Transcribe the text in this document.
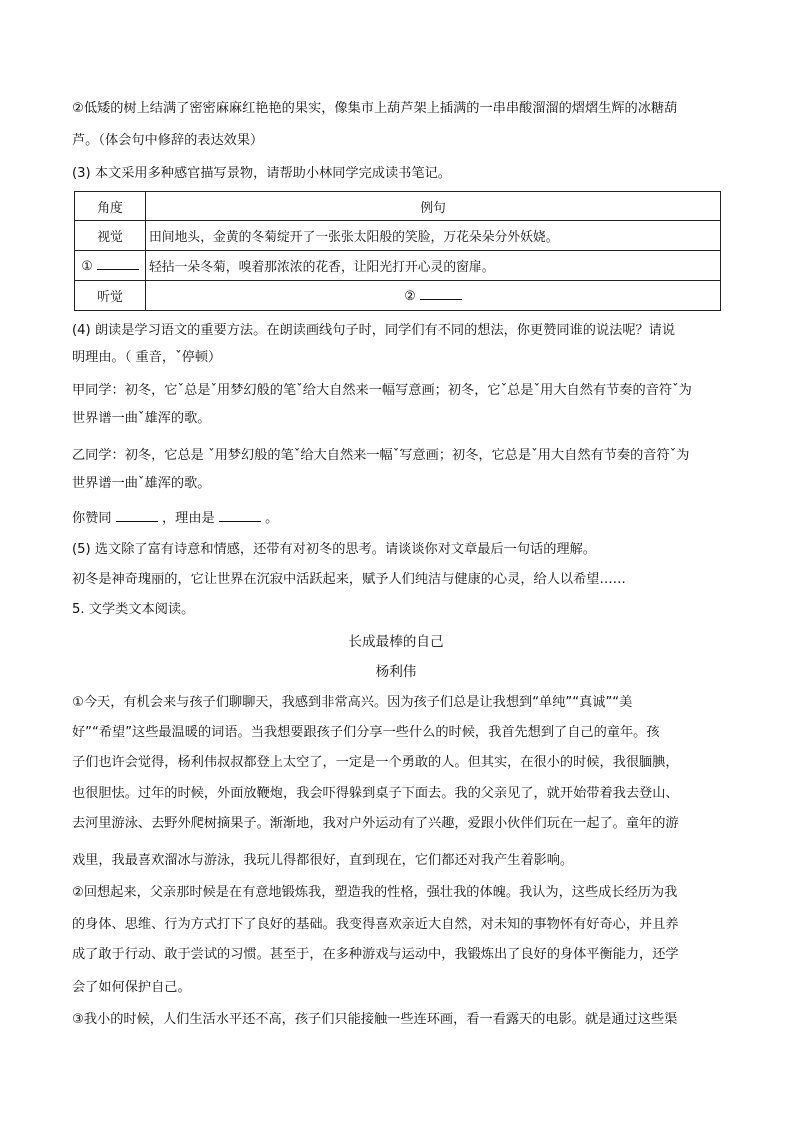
②低矮的树上结满了密密麻麻红艳艳的果实，像集市上葫芦架上插满的一串串酸溜溜的熠熠生辉的冰糖葫
芦。（体会句中修辞的表达效果）
(3) 本文采用多种感官描写景物，请帮助小林同学完成读书笔记。
角度	例句
视觉	田间地头，金黄的冬菊绽开了一张张太阳般的笑脸，万花朵朵分外妖娆。
①	轻拈一朵冬菊，嗅着那浓浓的花香，让阳光打开心灵的窗扉。
听觉	②
(4) 朗读是学习语文的重要方法。在朗读画线句子时，同学们有不同的想法，你更赞同谁的说法呢？请说
明理由。（ 重音，ˇ停顿）
甲同学：初冬，它ˇ总是ˇ用梦幻般的笔ˇ给大自然来一幅写意画；初冬，它ˇ总是ˇ用大自然有节奏的音符ˇ为
世界谱一曲ˇ雄浑的歌。
乙同学：初冬，它总是 ˇ用梦幻般的笔ˇ给大自然来一幅ˇ写意画；初冬，它总是ˇ用大自然有节奏的音符ˇ为
世界谱一曲ˇ雄浑的歌。
你赞同	，理由是	。
(5) 选文除了富有诗意和情感，还带有对初冬的思考。请谈谈你对文章最后一句话的理解。
初冬是神奇瑰丽的，它让世界在沉寂中活跃起来，赋予人们纯洁与健康的心灵，给人以希望……
5. 文学类文本阅读。
长成最棒的自己
杨利伟
①今天，有机会来与孩子们聊聊天，我感到非常高兴。因为孩子们总是让我想到“单纯”“真诚”“美
好”“希望”这些最温暖的词语。当我想要跟孩子们分享一些什么的时候，我首先想到了自己的童年。孩
子们也许会觉得，杨利伟叔叔都登上太空了，一定是一个勇敢的人。但其实，在很小的时候，我很腼腆，
也很胆怯。过年的时候，外面放鞭炮，我会吓得躲到桌子下面去。我的父亲见了，就开始带着我去登山、
去河里游泳、去野外爬树摘果子。渐渐地，我对户外运动有了兴趣，爱跟小伙伴们玩在一起了。童年的游
戏里，我最喜欢溜冰与游泳，我玩儿得都很好，直到现在，它们都还对我产生着影响。
②回想起来，父亲那时候是在有意地锻炼我，塑造我的性格，强壮我的体魄。我认为，这些成长经历为我
的身体、思维、行为方式打下了良好的基础。我变得喜欢亲近大自然，对未知的事物怀有好奇心，并且养
成了敢于行动、敢于尝试的习惯。甚至于，在多种游戏与运动中，我锻炼出了良好的身体平衡能力，还学
会了如何保护自己。
③我小的时候，人们生活水平还不高，孩子们只能接触一些连环画，看一看露天的电影。就是通过这些渠
